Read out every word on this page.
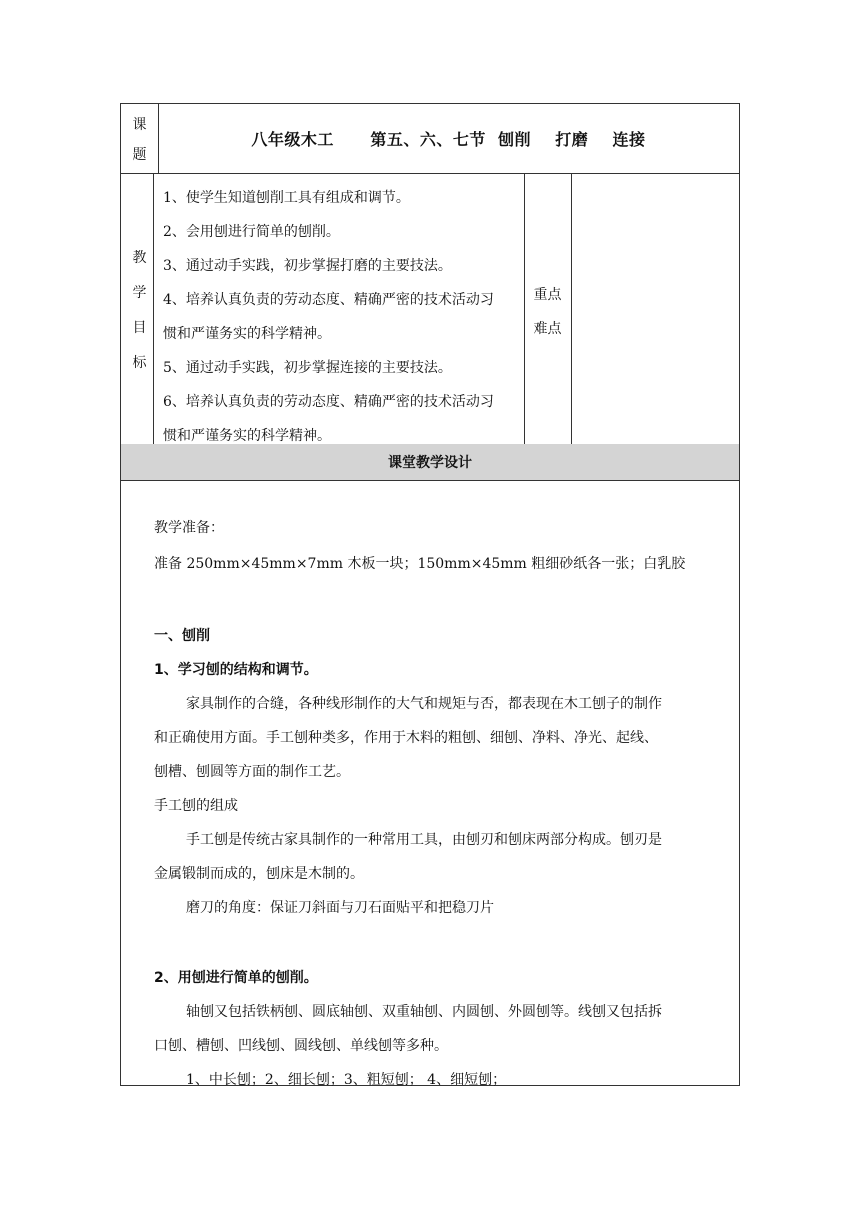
课
题
八年级木工      第五、六、七节  刨削    打磨    连接
教
学
目
标
1、使学生知道刨削工具有组成和调节。
2、会用刨进行简单的刨削。
3、通过动手实践，初步掌握打磨的主要技法。
4、培养认真负责的劳动态度、精确严密的技术活动习
惯和严谨务实的科学精神。
5、通过动手实践，初步掌握连接的主要技法。
6、培养认真负责的劳动态度、精确严密的技术活动习
惯和严谨务实的科学精神。
重点
难点
课堂教学设计
教学准备：
准备 250mm×45mm×7mm 木板一块；150mm×45mm 粗细砂纸各一张；白乳胶
一、刨削
1、学习刨的结构和调节。
家具制作的合缝，各种线形制作的大气和规矩与否，都表现在木工刨子的制作
和正确使用方面。手工刨种类多，作用于木料的粗刨、细刨、净料、净光、起线、
刨槽、刨圆等方面的制作工艺。
手工刨的组成
手工刨是传统古家具制作的一种常用工具，由刨刃和刨床两部分构成。刨刃是
金属锻制而成的，刨床是木制的。
磨刀的角度：保证刀斜面与刀石面贴平和把稳刀片
2、用刨进行简单的刨削。
轴刨又包括铁柄刨、圆底轴刨、双重轴刨、内圆刨、外圆刨等。线刨又包括拆
口刨、槽刨、凹线刨、圆线刨、单线刨等多种。
1、中长刨；2、细长刨；3、粗短刨； 4、细短刨；
